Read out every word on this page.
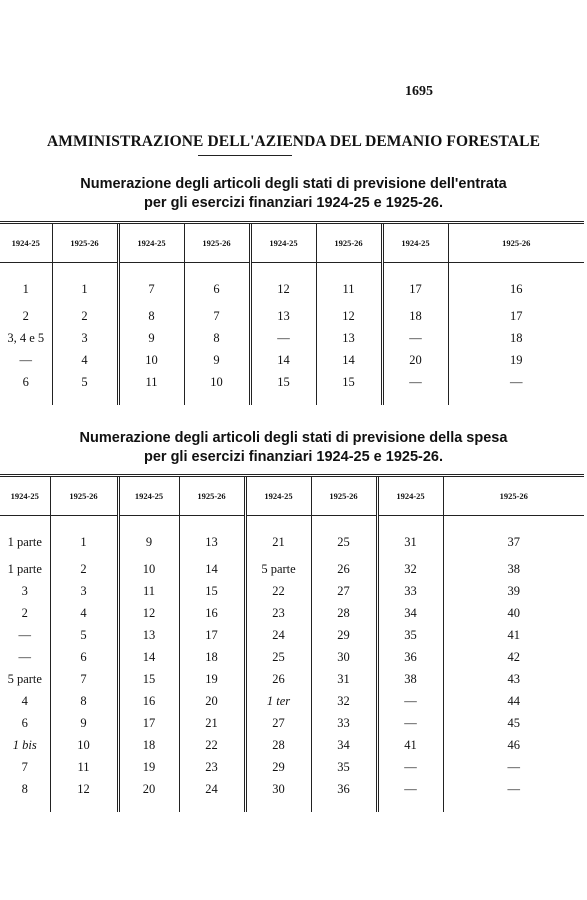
1695
AMMINISTRAZIONE DELL'AZIENDA DEL DEMANIO FORESTALE
Numerazione degli articoli degli stati di previsione dell'entrata
per gli esercizi finanziari 1924-25 e 1925-26.
1924-25	1925-26	1924-25	1925-26	1924-25	1925-26	1924-25	1925-26
1	1	7	6	12	11	17	16
2	2	8	7	13	12	18	17
3, 4 e 5	3	9	8	—	13	—	18
—	4	10	9	14	14	20	19
6	5	11	10	15	15	—	—
Numerazione degli articoli degli stati di previsione della spesa
per gli esercizi finanziari 1924-25 e 1925-26.
1924-25	1925-26	1924-25	1925-26	1924-25	1925-26	1924-25	1925-26
1 parte	1	9	13	21	25	31	37
1 parte	2	10	14	5 parte	26	32	38
3	3	11	15	22	27	33	39
2	4	12	16	23	28	34	40
—	5	13	17	24	29	35	41
—	6	14	18	25	30	36	42
5 parte	7	15	19	26	31	38	43
4	8	16	20	1 ter	32	—	44
6	9	17	21	27	33	—	45
1 bis	10	18	22	28	34	41	46
7	11	19	23	29	35	—	—
8	12	20	24	30	36	—	—
